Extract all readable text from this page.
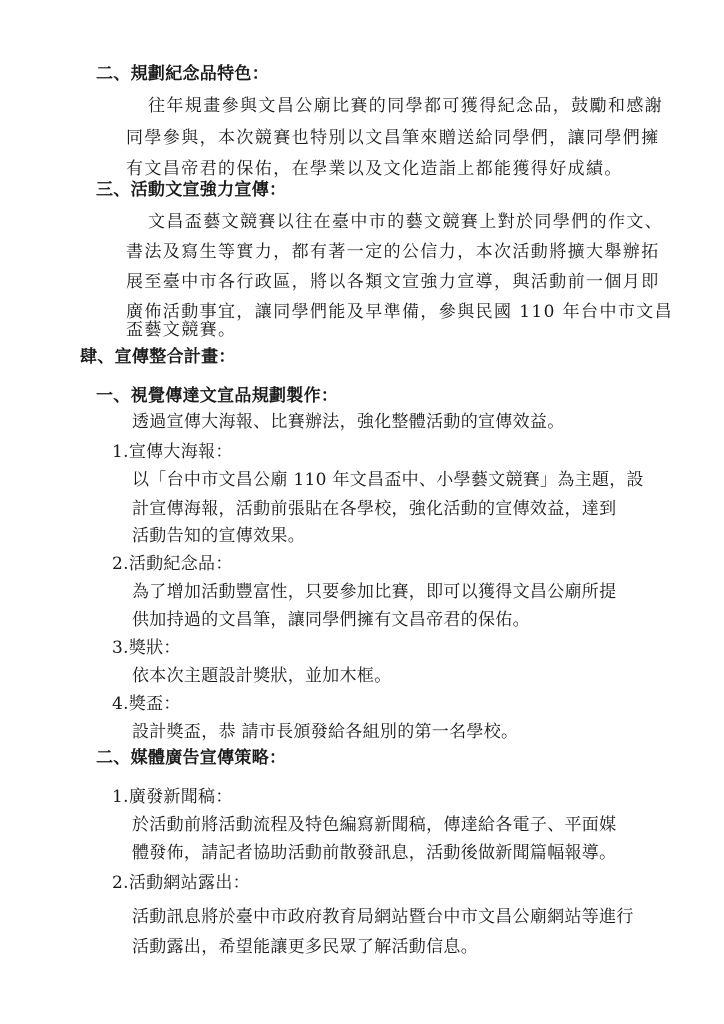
二、規劃紀念品特色：
往年規畫參與文昌公廟比賽的同學都可獲得紀念品，鼓勵和感謝
同學參與，本次競賽也特別以文昌筆來贈送給同學們，讓同學們擁
有文昌帝君的保佑，在學業以及文化造詣上都能獲得好成績。
三、活動文宣強力宣傳：
文昌盃藝文競賽以往在臺中市的藝文競賽上對於同學們的作文、
書法及寫生等實力，都有著一定的公信力，本次活動將擴大舉辦拓
展至臺中市各行政區，將以各類文宣強力宣導，與活動前一個月即
廣佈活動事宜，讓同學們能及早準備，參與民國 110 年台中市文昌
盃藝文競賽。
肆、宣傳整合計畫：
一、視覺傳達文宣品規劃製作：
透過宣傳大海報、比賽辦法，強化整體活動的宣傳效益。
1.宣傳大海報：
以「台中市文昌公廟 110 年文昌盃中、小學藝文競賽」為主題，設
計宣傳海報，活動前張貼在各學校，強化活動的宣傳效益，達到
活動告知的宣傳效果。
2.活動紀念品：
為了增加活動豐富性，只要參加比賽，即可以獲得文昌公廟所提
供加持過的文昌筆，讓同學們擁有文昌帝君的保佑。
3.獎狀：
依本次主題設計獎狀，並加木框。
4.獎盃：
設計獎盃，恭 請市長頒發給各組別的第一名學校。
二、媒體廣告宣傳策略：
1.廣發新聞稿：
於活動前將活動流程及特色編寫新聞稿，傳達給各電子、平面媒
體發佈，請記者協助活動前散發訊息，活動後做新聞篇幅報導。
2.活動網站露出：
活動訊息將於臺中市政府教育局網站暨台中市文昌公廟網站等進行
活動露出，希望能讓更多民眾了解活動信息。
